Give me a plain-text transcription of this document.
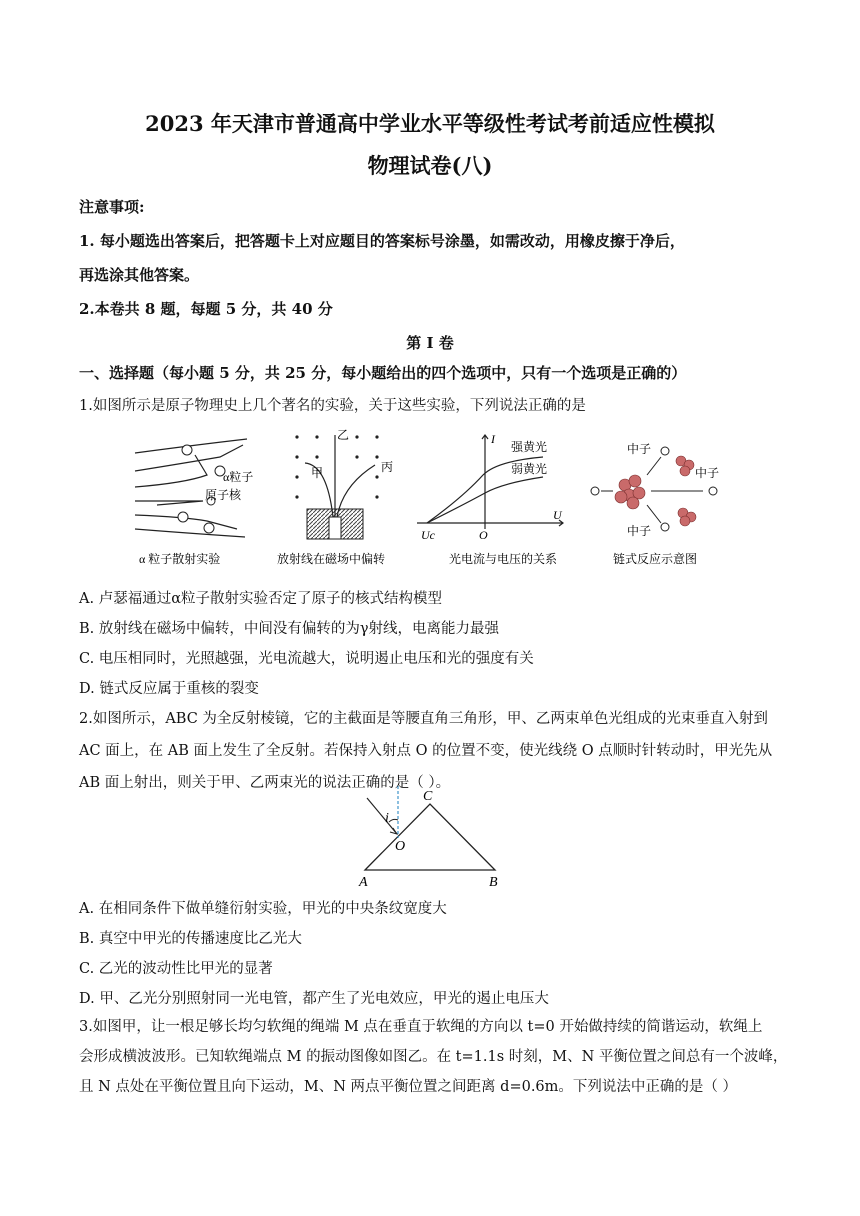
2023 年天津市普通高中学业水平等级性考试考前适应性模拟
物理试卷(八)
注意事项:
1. 每小题选出答案后，把答题卡上对应题目的答案标号涂墨，如需改动，用橡皮擦于净后，
再选涂其他答案。
2.本卷共 8 题，每题 5 分，共 40 分
第 I 卷
一、选择题（每小题 5 分，共 25 分，每小题给出的四个选项中，只有一个选项是正确的）
1.如图所示是原子物理史上几个著名的实验，关于这些实验，下列说法正确的是
α粒子
原子核
α 粒子散射实验
乙
甲	丙
放射线在磁场中偏转
I
U
Uc	O
强黄光
弱黄光
光电流与电压的关系
中子
中子
中子
链式反应示意图
A. 卢瑟福通过α粒子散射实验否定了原子的核式结构模型
B. 放射线在磁场中偏转，中间没有偏转的为γ射线，电离能力最强
C. 电压相同时，光照越强，光电流越大，说明遏止电压和光的强度有关
D. 链式反应属于重核的裂变
2.如图所示，ABC 为全反射棱镜，它的主截面是等腰直角三角形，甲、乙两束单色光组成的光束垂直入射到
AC 面上，在 AB 面上发生了全反射。若保持入射点 O 的位置不变，使光线绕 O 点顺时针转动时，甲光先从
AB 面上射出，则关于甲、乙两束光的说法正确的是（ ）。
i
O
C
A	B
A. 在相同条件下做单缝衍射实验，甲光的中央条纹宽度大
B. 真空中甲光的传播速度比乙光大
C. 乙光的波动性比甲光的显著
D. 甲、乙光分别照射同一光电管，都产生了光电效应，甲光的遏止电压大
3.如图甲，让一根足够长均匀软绳的绳端 M 点在垂直于软绳的方向以 t=0 开始做持续的简谐运动，软绳上
会形成横波波形。已知软绳端点 M 的振动图像如图乙。在 t=1.1s 时刻，M、N 平衡位置之间总有一个波峰，
且 N 点处在平衡位置且向下运动，M、N 两点平衡位置之间距离 d=0.6m。下列说法中正确的是（ ）
